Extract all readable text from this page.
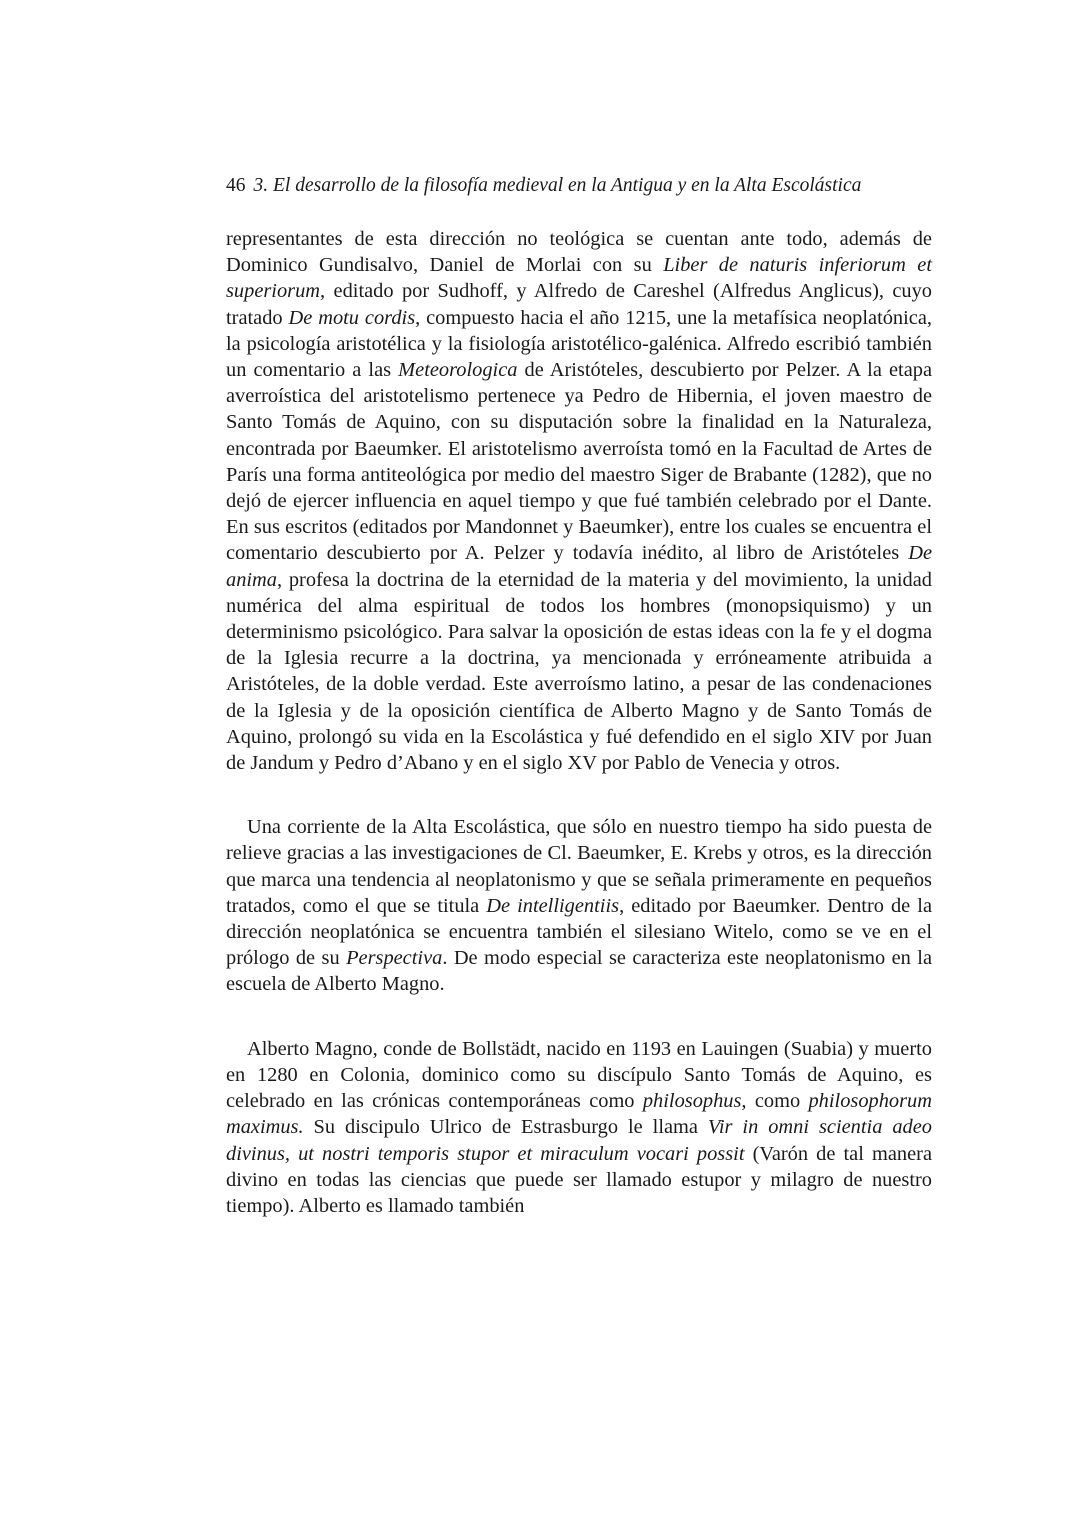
46 3. El desarrollo de la filosofía medieval en la Antigua y en la Alta Escolástica

representantes de esta dirección no teológica se cuentan ante todo, además de Dominico Gundisalvo, Daniel de Morlai con su Liber de naturis inferiorum et superiorum, editado por Sudhoff, y Alfredo de Careshel (Alfredus Anglicus), cuyo tratado De motu cordis, compuesto hacia el año 1215, une la metafísica neoplatónica, la psicología aristotélica y la fisiología aristotélico-galénica. Alfredo escribió también un comentario a las Meteorologica de Aristóteles, descubierto por Pelzer. A la etapa averroística del aristotelismo pertenece ya Pedro de Hibernia, el joven maestro de Santo Tomás de Aquino, con su disputación sobre la finalidad en la Naturaleza, encontrada por Baeumker. El aristotelismo averroísta tomó en la Facultad de Artes de París una forma antiteológica por medio del maestro Siger de Brabante (1282), que no dejó de ejercer influencia en aquel tiempo y que fué también celebrado por el Dante. En sus escritos (editados por Mandonnet y Baeumker), entre los cuales se encuentra el comentario descubierto por A. Pelzer y todavía inédito, al libro de Aristóteles De anima, profesa la doctrina de la eternidad de la materia y del movimiento, la unidad numérica del alma espiritual de todos los hombres (monopsiquismo) y un determinismo psicológico. Para salvar la oposición de estas ideas con la fe y el dogma de la Iglesia recurre a la doctrina, ya mencionada y erróneamente atribuida a Aristóteles, de la doble verdad. Este averroísmo latino, a pesar de las condenaciones de la Iglesia y de la oposición científica de Alberto Magno y de Santo Tomás de Aquino, prolongó su vida en la Escolástica y fué defendido en el siglo XIV por Juan de Jandum y Pedro d’Abano y en el siglo XV por Pablo de Venecia y otros.

Una corriente de la Alta Escolástica, que sólo en nuestro tiempo ha sido puesta de relieve gracias a las investigaciones de Cl. Baeumker, E. Krebs y otros, es la dirección que marca una tendencia al neoplatonismo y que se señala primeramente en pequeños tratados, como el que se titula De intelligentiis, editado por Baeumker. Dentro de la dirección neoplatónica se encuentra también el silesiano Witelo, como se ve en el prólogo de su Perspectiva. De modo especial se caracteriza este neoplatonismo en la escuela de Alberto Magno.

Alberto Magno, conde de Bollstädt, nacido en 1193 en Lauingen (Suabia) y muerto en 1280 en Colonia, dominico como su discípulo Santo Tomás de Aquino, es celebrado en las crónicas contemporáneas como philosophus, como philosophorum maximus. Su discipulo Ulrico de Estrasburgo le llama Vir in omni scientia adeo divinus, ut nostri temporis stupor et miraculum vocari possit (Varón de tal manera divino en todas las ciencias que puede ser llamado estupor y milagro de nuestro tiempo). Alberto es llamado también
